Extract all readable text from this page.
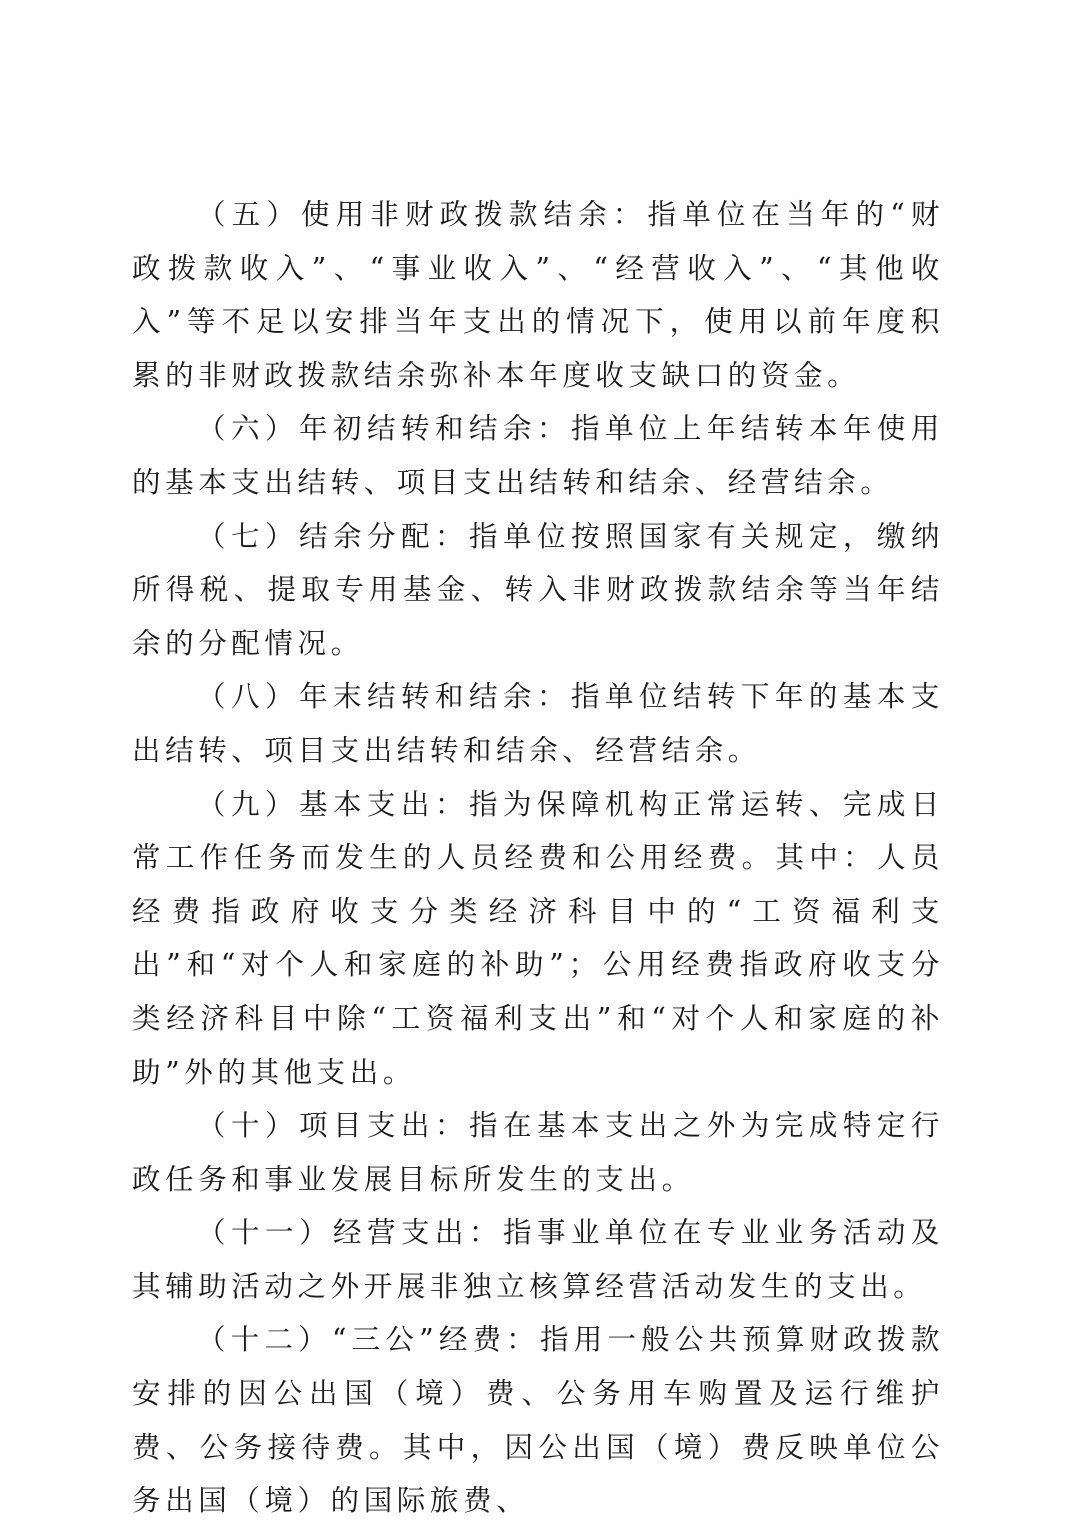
（五）使用非财政拨款结余：指单位在当年的“财政拨款收入”、“事业收入”、“经营收入”、“其他收入”等不足以安排当年支出的情况下，使用以前年度积累的非财政拨款结余弥补本年度收支缺口的资金。

（六）年初结转和结余：指单位上年结转本年使用的基本支出结转、项目支出结转和结余、经营结余。

（七）结余分配：指单位按照国家有关规定，缴纳所得税、提取专用基金、转入非财政拨款结余等当年结余的分配情况。

（八）年末结转和结余：指单位结转下年的基本支出结转、项目支出结转和结余、经营结余。

（九）基本支出：指为保障机构正常运转、完成日常工作任务而发生的人员经费和公用经费。其中：人员经费指政府收支分类经济科目中的“工资福利支出”和“对个人和家庭的补助”；公用经费指政府收支分类经济科目中除“工资福利支出”和“对个人和家庭的补助”外的其他支出。

（十）项目支出：指在基本支出之外为完成特定行政任务和事业发展目标所发生的支出。

（十一）经营支出：指事业单位在专业业务活动及其辅助活动之外开展非独立核算经营活动发生的支出。

（十二）“三公”经费：指用一般公共预算财政拨款安排的因公出国（境）费、公务用车购置及运行维护费、公务接待费。其中，因公出国（境）费反映单位公务出国（境）的国际旅费、
